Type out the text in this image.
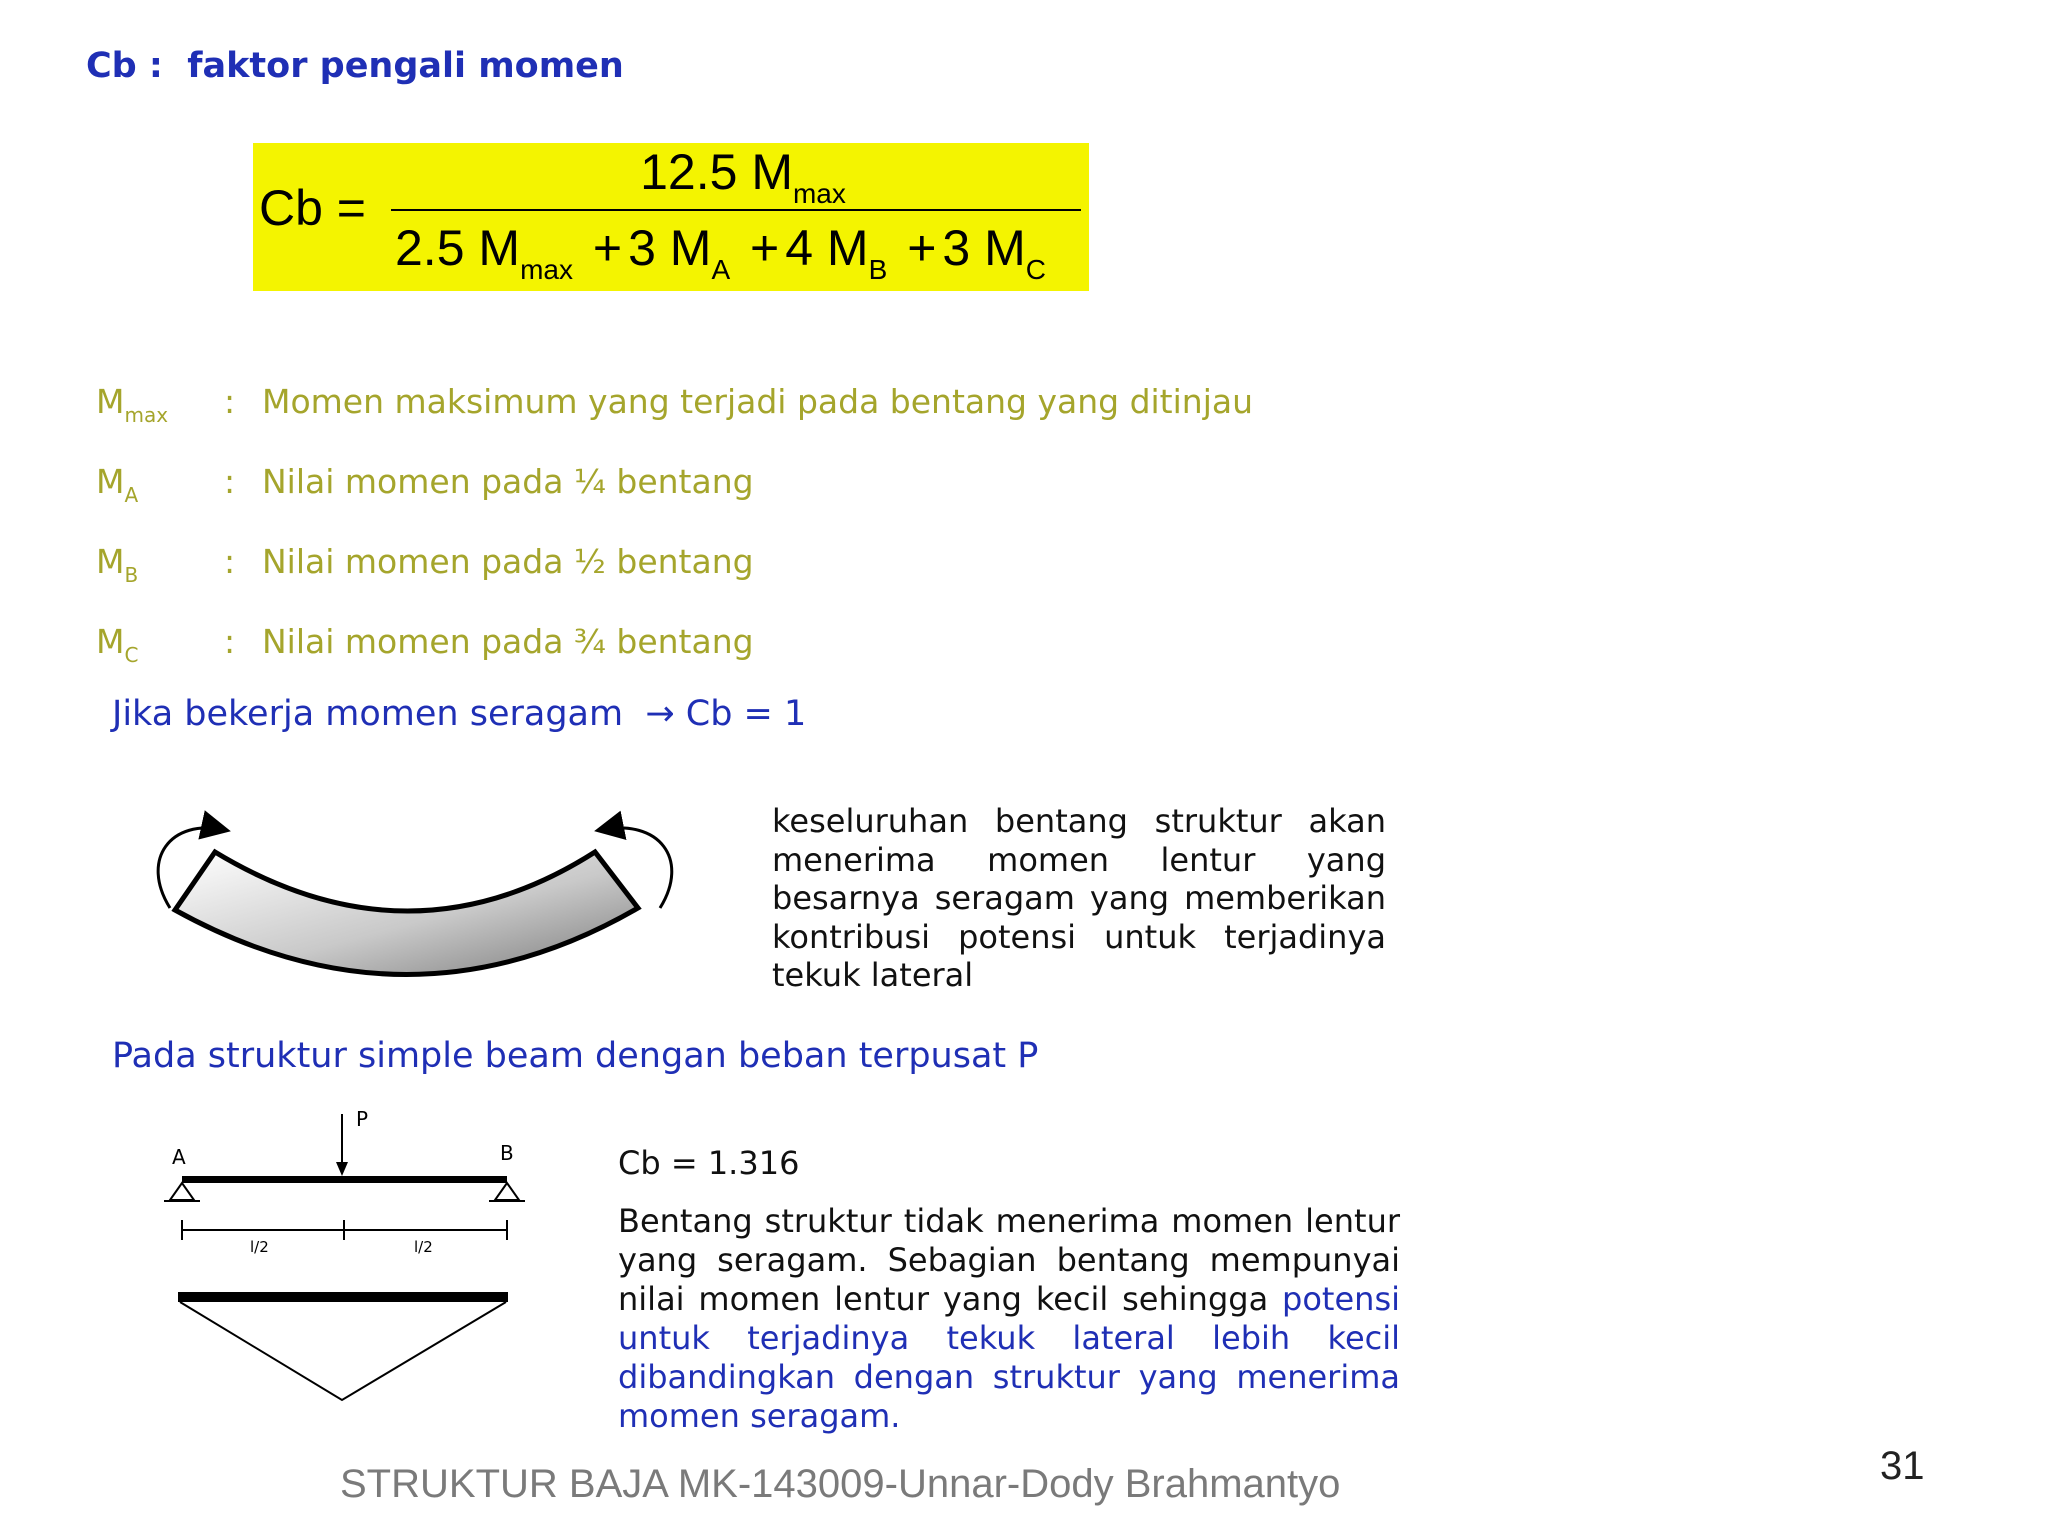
Cb :  faktor pengali momen
Cb =
12.5 $M_{max}$
2.5 $M_{max} + 3$ $M_A + 4$ $M_B + 3$ $M_C$
$M_{max}$ : Momen maksimum yang terjadi pada bentang yang ditinjau
$M_A$	: Nilai momen pada ¼ bentang
$M_B$	: Nilai momen pada ½ bentang
$M_C$	: Nilai momen pada ¾ bentang
Jika bekerja momen seragam  → Cb = 1
keseluruhan bentang struktur akan menerima momen lentur yang besarnya seragam yang memberikan kontribusi potensi untuk terjadinya tekuk lateral
Pada struktur simple beam dengan beban terpusat P
P
A	B
l/2	l/2
Cb = 1.316
Bentang struktur tidak menerima momen lentur yang seragam. Sebagian bentang mempunyai nilai momen lentur yang kecil sehingga potensi untuk terjadinya tekuk lateral lebih kecil dibandingkan dengan struktur yang menerima momen seragam.
STRUKTUR BAJA MK-143009-Unnar-Dody Brahmantyo	31
